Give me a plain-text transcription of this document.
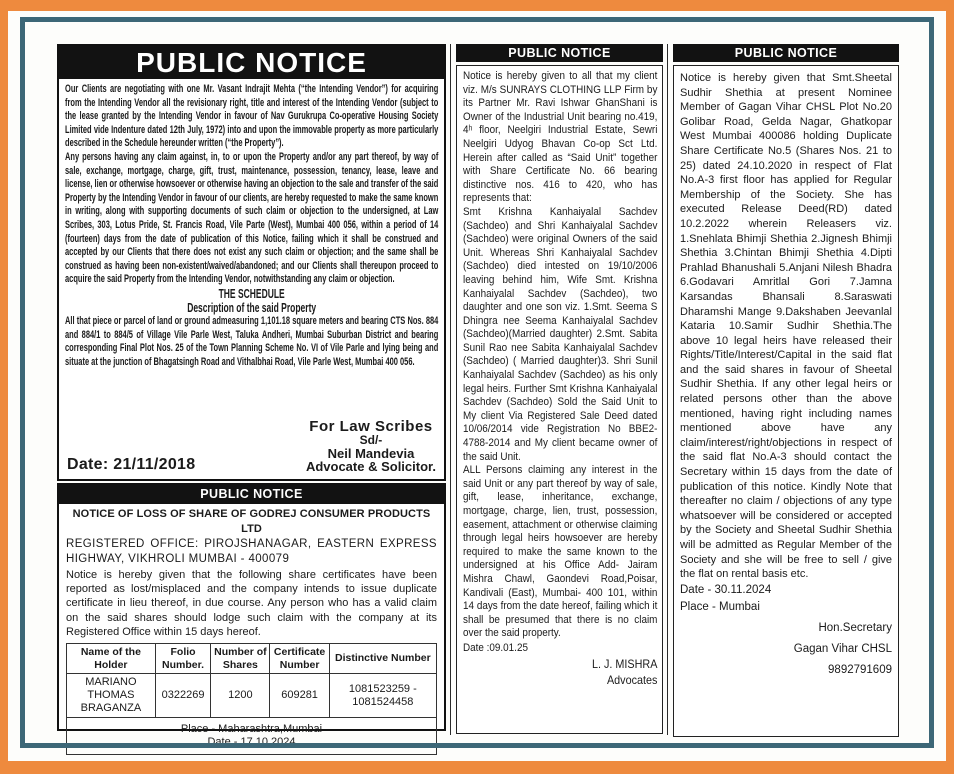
PUBLIC NOTICE

Our Clients are negotiating with one Mr. Vasant Indrajit Mehta (“the Intending Vendor”) for acquiring from the Intending Vendor all the revisionary right, title and interest of the Intending Vendor (subject to the lease granted by the Intending Vendor in favour of Nav Gurukrupa Co-operative Housing Society Limited vide Indenture dated 12th July, 1972) into and upon the immovable property as more particularly described in the Schedule hereunder written (“the Property”).

Any persons having any claim against, in, to or upon the Property and/or any part thereof, by way of sale, exchange, mortgage, charge, gift, trust, maintenance, possession, tenancy, lease, leave and license, lien or otherwise howsoever or otherwise having an objection to the sale and transfer of the said Property by the Intending Vendor in favour of our clients, are hereby requested to make the same known in writing, along with supporting documents of such claim or objection to the undersigned, at Law Scribes, 303, Lotus Pride, St. Francis Road, Vile Parte (West), Mumbai 400 056, within a period of 14 (fourteen) days from the date of publication of this Notice, failing which it shall be construed and accepted by our Clients that there does not exist any such claim or objection; and the same shall be construed as having been non-existent/waived/abandoned; and our Clients shall thereupon proceed to acquire the said Property from the Intending Vendor, notwithstanding any claim or objection.

THE SCHEDULE
Description of the said Property

All that piece or parcel of land or ground admeasuring 1,101.18 square meters and bearing CTS Nos. 884 and 884/1 to 884/5 of Village Vile Parle West, Taluka Andheri, Mumbai Suburban District and bearing corresponding Final Plot Nos. 25 of the Town Planning Scheme No. VI of Vile Parle and lying being and situate at the junction of Bhagatsingh Road and Vithalbhai Road, Vile Parle West, Mumbai 400 056.

Date: 21/11/2018
For Law Scribes
Sd/-
Neil Mandevia
Advocate & Solicitor.
PUBLIC NOTICE
NOTICE OF LOSS OF SHARE OF GODREJ CONSUMER PRODUCTS LTD
REGISTERED OFFICE: PIROJSHANAGAR, EASTERN EXPRESS HIGHWAY, VIKHROLI MUMBAI - 400079

Notice is hereby given that the following share certificates have been reported as lost/misplaced and the company intends to issue duplicate certificate in lieu thereof, in due course. Any person who has a valid claim on the said shares should lodge such claim with the company at its Registered Office within 15 days hereof.

Name of the Holder	Folio Number.	Number of Shares	Certificate Number	Distinctive Number
MARIANO THOMAS BRAGANZA	0322269	1200	609281	1081523259 - 1081524458

Place - Maharashtra,Mumbai
Date - 17.10.2024				
PUBLIC NOTICE

Notice is hereby given to all that my client viz. M/s SUNRAYS CLOTHING LLP Firm by its Partner Mr. Ravi Ishwar GhanShani is Owner of the Industrial Unit bearing no.419, 4ʰ floor, Neelgiri Industrial Estate, Sewri Neelgiri Udyog Bhavan Co-op Sct Ltd. Herein after called as “Said Unit” together with Share Certificate No. 66 bearing distinctive nos. 416 to 420, who has represents that:

Smt Krishna Kanhaiyalal Sachdev (Sachdeo) and Shri Kanhaiyalal Sachdev (Sachdeo) were original Owners of the said Unit. Whereas Shri Kanhaiyalal Sachdev (Sachdeo) died intested on 19/10/2006 leaving behind him, Wife Smt. Krishna Kanhaiyalal Sachdev (Sachdeo), two daughter and one son viz. 1.Smt. Seema S Dhingra nee Seema Kanhaiyalal Sachdev (Sachdeo)(Married daughter) 2.Smt. Sabita Sunil Rao nee Sabita Kanhaiyalal Sachdev (Sachdeo) ( Married daughter)3. Shri Sunil Kanhaiyalal Sachdev (Sachdeo) as his only legal heirs. Further Smt Krishna Kanhaiyalal Sachdev (Sachdeo) Sold the Said Unit to My client Via Registered Sale Deed dated 10/06/2014 vide Registration No BBE2-4788-2014 and My client became owner of the said Unit.

ALL Persons claiming any interest in the said Unit or any part thereof by way of sale, gift, lease, inheritance, exchange, mortgage, charge, lien, trust, possession, easement, attachment or otherwise claiming through legal heirs howsoever are hereby required to make the same known to the undersigned at his Office Add- Jairam Mishra Chawl, Gaondevi Road,Poisar, Kandivali (East), Mumbai- 400 101, within 14 days from the date hereof, failing which it shall be presumed that there is no claim over the said property.

Date :09.01.25
L. J. MISHRA
Advocates
PUBLIC NOTICE

Notice is hereby given that Smt.Sheetal Sudhir Shethia at present Nominee Member of Gagan Vihar CHSL Plot No.20 Golibar Road, Gelda Nagar, Ghatkopar West Mumbai 400086 holding Duplicate Share Certificate No.5 (Shares Nos. 21 to 25) dated 24.10.2020 in respect of Flat No.A-3 first floor has applied for Regular Membership of the Society. She has executed Release Deed(RD) dated 10.2.2022 wherein Releasers viz. 1.Snehlata Bhimji Shethia 2.Jignesh Bhimji Shethia 3.Chintan Bhimji Shethia 4.Dipti Prahlad Bhanushali 5.Anjani Nilesh Bhadra 6.Godavari Amritlal Gori 7.Jamna Karsandas Bhansali 8.Saraswati Dharamshi Mange 9.Dakshaben Jeevanlal Kataria 10.Samir Sudhir Shethia.The above 10 legal heirs have released their Rights/Title/Interest/Capital in the said flat and the said shares in favour of Sheetal Sudhir Shethia. If any other legal heirs or related persons other than the above mentioned, having right including names mentioned above have any claim/interest/right/objections in respect of the said flat No.A-3 should contact the Secretary within 15 days from the date of publication of this notice. Kindly Note that thereafter no claim / objections of any type whatsoever will be considered or accepted by the Society and Sheetal Sudhir Shethia will be admitted as Regular Member of the Society and she will be free to sell / give the flat on rental basis etc.

Date - 30.11.2024
Place - Mumbai
Hon.Secretary
Gagan Vihar CHSL
9892791609
